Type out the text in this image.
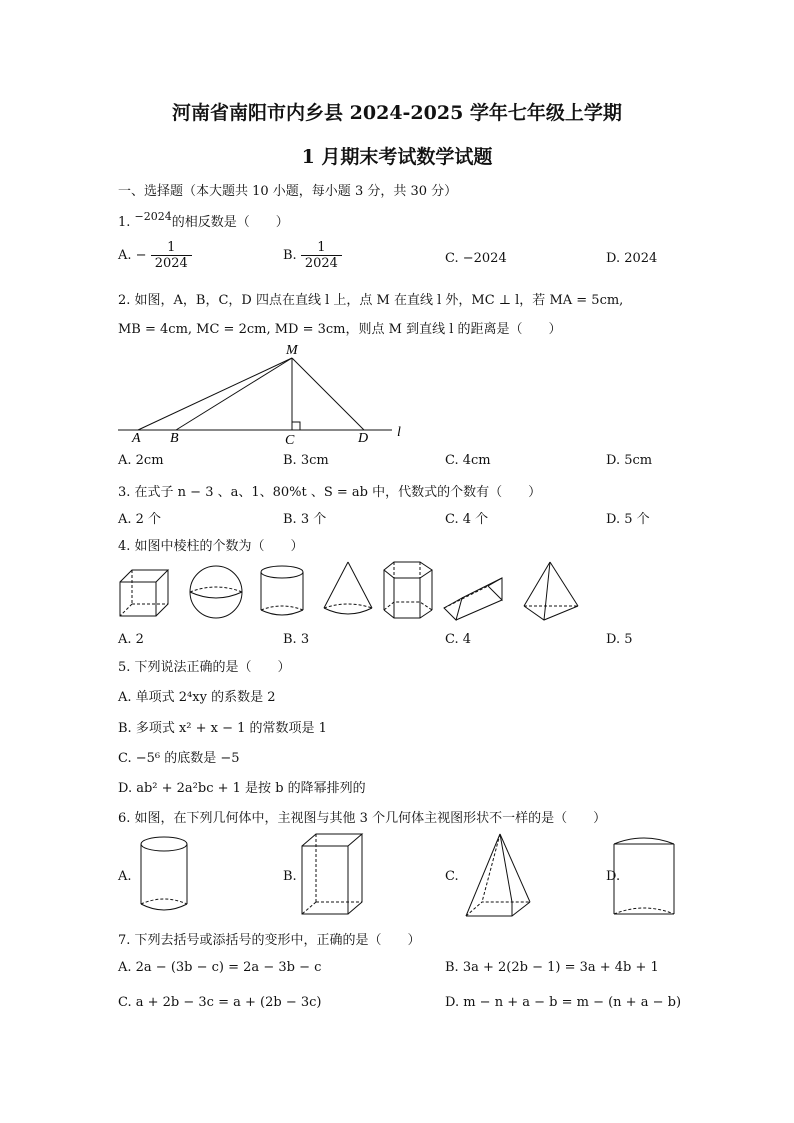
河南省南阳市内乡县 2024-2025 学年七年级上学期
1 月期末考试数学试题
一、选择题（本大题共 10 小题，每小题 3 分，共 30 分）
1. $^{-2024}$的相反数是（　　）
A. − $\frac{1}{2024}$	B. $\frac{1}{2024}$	C. −2024	D. 2024
2. 如图，A，B，C，D 四点在直线 l 上，点 M 在直线 l 外，MC ⊥ l，若 MA = 5cm,
MB = 4cm, MC = 2cm, MD = 3cm，则点 M 到直线 l 的距离是（　　）
M
A B	C	D l
A. 2cm	B. 3cm	C. 4cm	D. 5cm
3. 在式子 n − 3 、a、1、80%t 、S = ab 中，代数式的个数有（　　）
A. 2 个	B. 3 个	C. 4 个	D. 5 个
4. 如图中棱柱的个数为（　　）
A. 2	B. 3	C. 4	D. 5
5. 下列说法正确的是（　　）
A. 单项式 2⁴xy 的系数是 2
B. 多项式 x² + x − 1 的常数项是 1
C. −5⁶ 的底数是 −5
D. ab² + 2a²bc + 1 是按 b 的降幂排列的
6. 如图，在下列几何体中，主视图与其他 3 个几何体主视图形状不一样的是（　　）
A.	B.	C.	D.
7. 下列去括号或添括号的变形中，正确的是（　　）
A. 2a − (3b − c) = 2a − 3b − c	B. 3a + 2(2b − 1) = 3a + 4b + 1
C. a + 2b − 3c = a + (2b − 3c)	D. m − n + a − b = m − (n + a − b)
